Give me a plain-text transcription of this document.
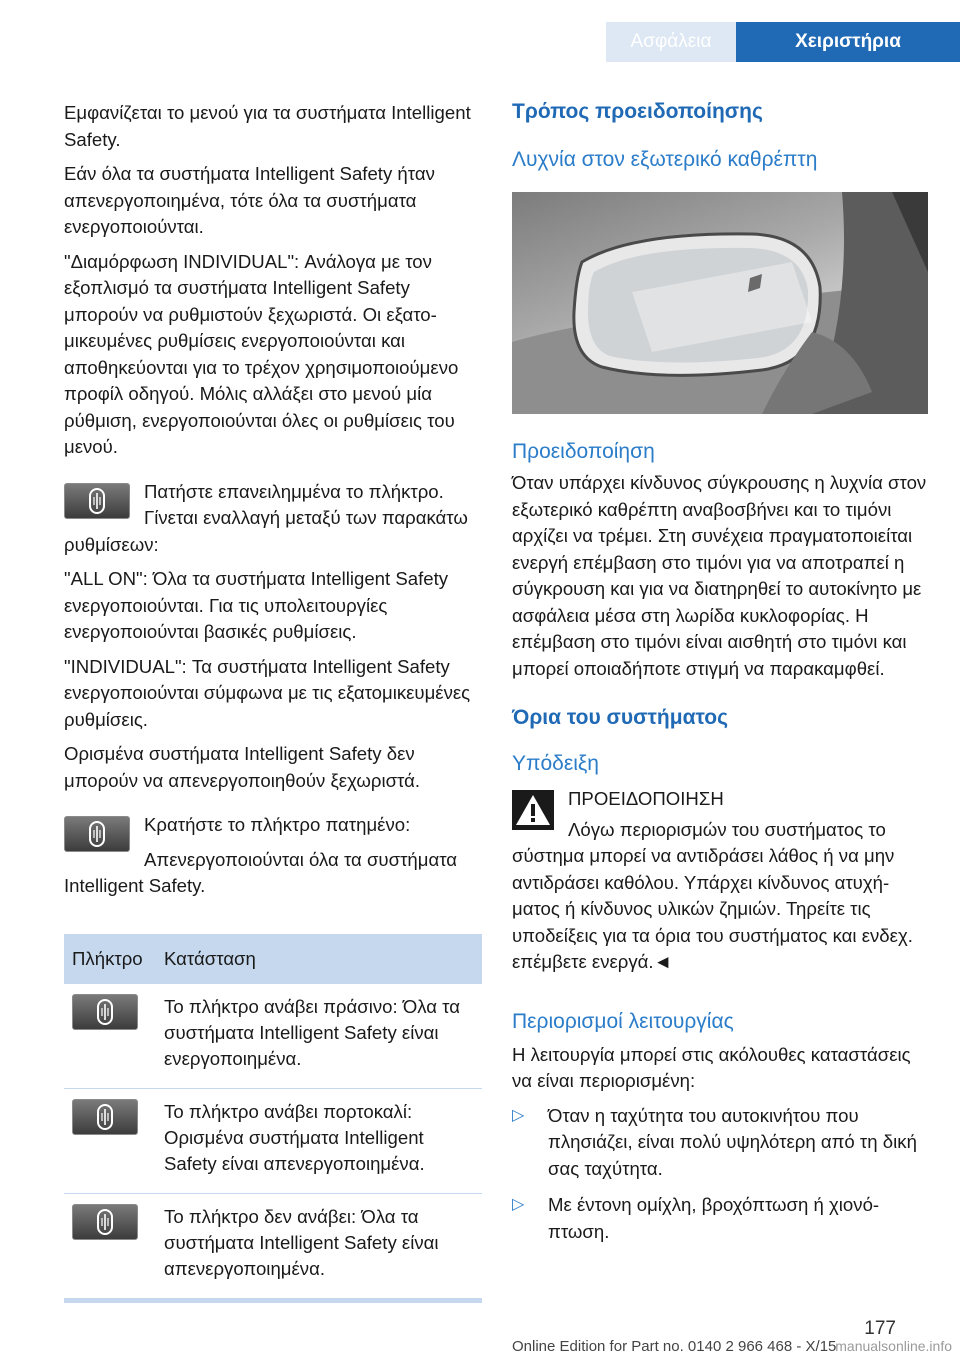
Ασφάλεια	Χειριστήρια

Εμφανίζεται το μενού για τα συστήματα Intelligent Safety.

Εάν όλα τα συστήματα Intelligent Safety ήταν απενεργοποιημένα, τότε όλα τα συστήματα ενεργοποιούνται.

"Διαμόρφωση INDIVIDUAL": Ανάλογα με τον εξοπλισμό τα συστήματα Intelligent Safety μπορούν να ρυθμιστούν ξεχωριστά. Οι εξατομικευμένες ρυθμίσεις ενεργοποιούνται και αποθηκεύονται για το τρέχον χρησιμοποιούμενο προφίλ οδηγού. Μόλις αλλάξει στο μενού μία ρύθμιση, ενεργοποιούνται όλες οι ρυθμίσεις του μενού.

Πατήστε επανειλημμένα το πλήκτρο. Γίνεται εναλλαγή μεταξύ των παρακάτω ρυθμίσεων:

"ALL ON": Όλα τα συστήματα Intelligent Safety ενεργοποιούνται. Για τις υπολειτουργίες ενεργοποιούνται βασικές ρυθμίσεις.

"INDIVIDUAL": Τα συστήματα Intelligent Safety ενεργοποιούνται σύμφωνα με τις εξατομικευμένες ρυθμίσεις.

Ορισμένα συστήματα Intelligent Safety δεν μπορούν να απενεργοποιηθούν ξεχωριστά.

Κρατήστε το πλήκτρο πατημένο:

Απενεργοποιούνται όλα τα συστήματα Intelligent Safety.

Πλήκτρο	Κατάσταση

	Το πλήκτρο ανάβει πράσινο: Όλα τα συστήματα Intelligent Safety είναι ενεργοποιημένα.

	Το πλήκτρο ανάβει πορτοκαλί: Ορισμένα συστήματα Intelligent Safety είναι απενεργοποιημένα.

	Το πλήκτρο δεν ανάβει: Όλα τα συστήματα Intelligent Safety είναι απενεργοποιημένα.
Τρόπος προειδοποίησης
Λυχνία στον εξωτερικό καθρέπτη
Προειδοποίηση

Όταν υπάρχει κίνδυνος σύγκρουσης η λυχνία στον εξωτερικό καθρέπτη αναβοσβήνει και το τιμόνι αρχίζει να τρέμει. Στη συνέχεια πραγματοποιείται ενεργή επέμβαση στο τιμόνι για να αποτραπεί η σύγκρουση και για να διατηρηθεί το αυτοκίνητο με ασφάλεια μέσα στη λωρίδα κυκλοφορίας. Η επέμβαση στο τιμόνι είναι αισθητή στο τιμόνι και μπορεί οποιαδήποτε στιγμή να παρακαμφθεί.

Όρια του συστήματος
Υπόδειξη

ΠΡΟΕΙΔΟΠΟΙΗΣΗ

Λόγω περιορισμών του συστήματος το σύστημα μπορεί να αντιδράσει λάθος ή να μην αντιδράσει καθόλου. Υπάρχει κίνδυνος ατυχήματος ή κίνδυνος υλικών ζημιών. Τηρείτε τις υποδείξεις για τα όρια του συστήματος και ενδεχ. επέμβετε ενεργά.◄

Περιορισμοί λειτουργίας

Η λειτουργία μπορεί στις ακόλουθες καταστάσεις να είναι περιορισμένη:

▷ Όταν η ταχύτητα του αυτοκινήτου που πλησιάζει, είναι πολύ υψηλότερη από τη δική σας ταχύτητα.
▷ Με έντονη ομίχλη, βροχόπτωση ή χιονόπτωση.
177
Online Edition for Part no. 0140 2 966 468 - X/15
manualsonline.info
